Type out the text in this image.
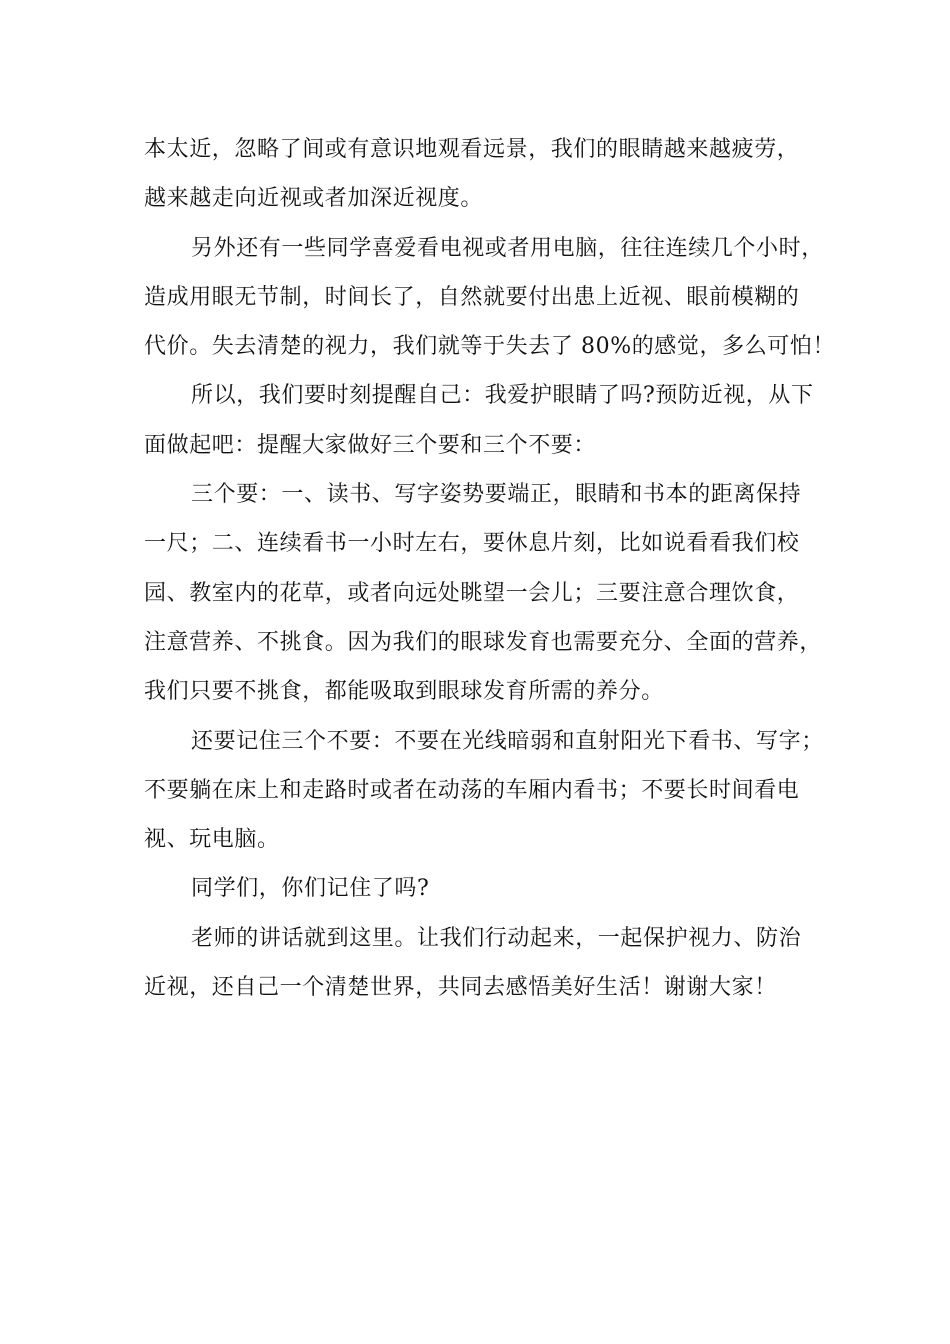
本太近，忽略了间或有意识地观看远景，我们的眼睛越来越疲劳，

越来越走向近视或者加深近视度。

另外还有一些同学喜爱看电视或者用电脑，往往连续几个小时，

造成用眼无节制，时间长了，自然就要付出患上近视、眼前模糊的

代价。失去清楚的视力，我们就等于失去了 80%的感觉，多么可怕！

所以，我们要时刻提醒自己：我爱护眼睛了吗?预防近视，从下

面做起吧：提醒大家做好三个要和三个不要：

三个要：一、读书、写字姿势要端正，眼睛和书本的距离保持

一尺；二、连续看书一小时左右，要休息片刻，比如说看看我们校

园、教室内的花草，或者向远处眺望一会儿；三要注意合理饮食，

注意营养、不挑食。因为我们的眼球发育也需要充分、全面的营养，

我们只要不挑食，都能吸取到眼球发育所需的养分。

还要记住三个不要：不要在光线暗弱和直射阳光下看书、写字；

不要躺在床上和走路时或者在动荡的车厢内看书；不要长时间看电

视、玩电脑。

同学们，你们记住了吗?

老师的讲话就到这里。让我们行动起来，一起保护视力、防治

近视，还自己一个清楚世界，共同去感悟美好生活！谢谢大家！
